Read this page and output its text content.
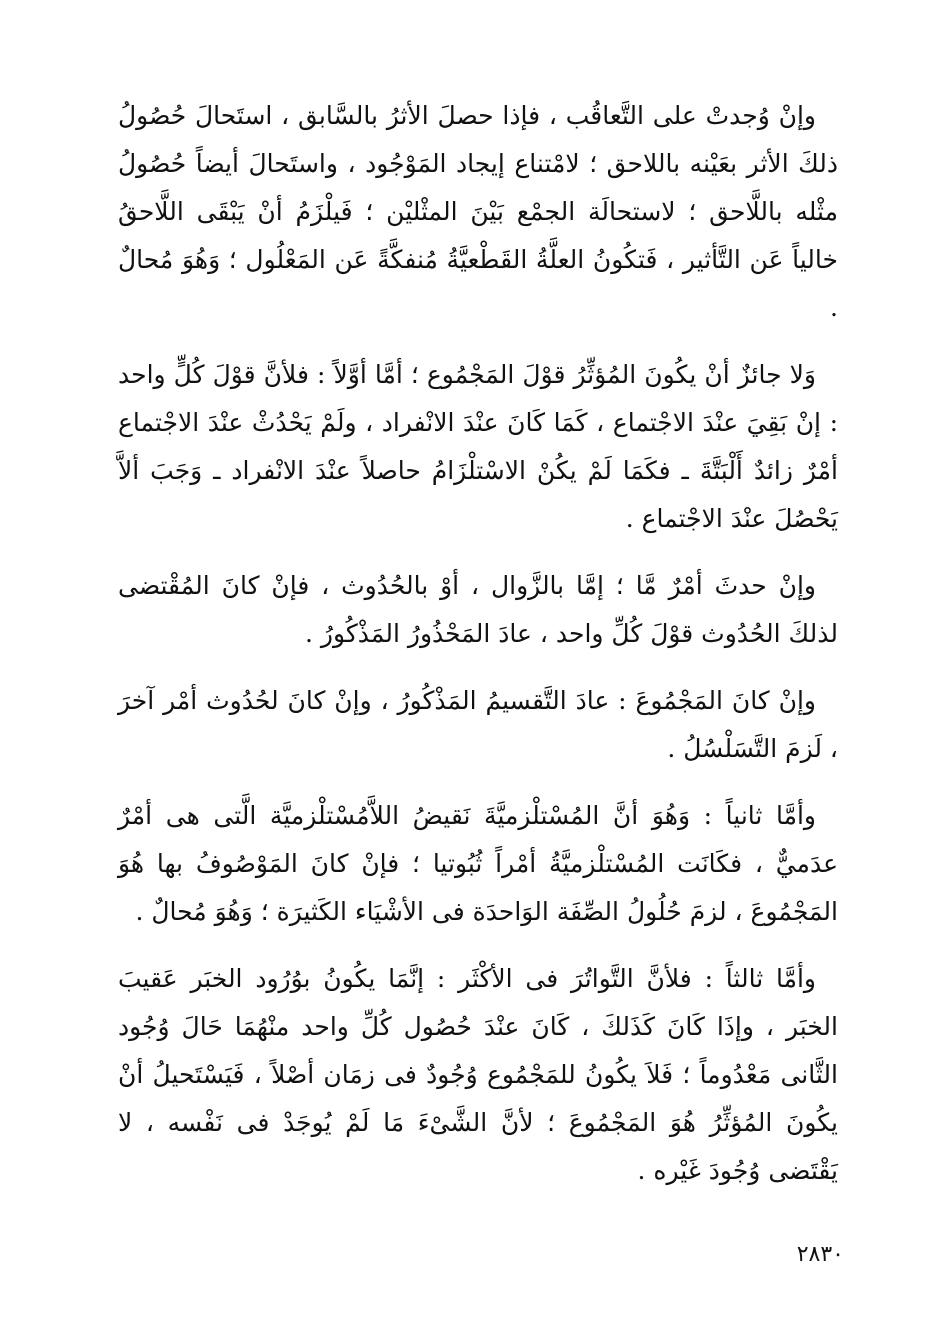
وإنْ وُجدتْ على التَّعاقُب ، فإذا حصلَ الأثرُ بالسَّابق ، استَحالَ حُصُولُ ذلكَ الأثر بعَيْنه باللاحق ؛ لامْتناع إيجاد المَوْجُود ، واستَحالَ أيضاً حُصُولُ مثْله باللَّاحق ؛ لاستحالَة الجمْع بَيْنَ المثْليْن ؛ فَيلْزَمُ أنْ يَبْقَى اللَّاحقُ خالياً عَن التَّأثير ، فَتكُونُ العلَّةُ القَطْعيَّةُ مُنفكَّةً عَن المَعْلُول ؛ وَهُوَ مُحالٌ .

وَلا جائزٌ أنْ يكُونَ المُؤثِّرُ قوْلَ المَجْمُوع ؛ أمَّا أوَّلاً : فلأنَّ قوْلَ كُلٍّ واحد : إنْ بَقِيَ عنْدَ الاجْتماع ، كَمَا كَانَ عنْدَ الانْفراد ، ولَمْ يَحْدُثْ عنْدَ الاجْتماع أمْرٌ زائدٌ أَلْبَتَّةَ ـ فكَمَا لَمْ يكُنْ الاسْتلْزَامُ حاصلاً عنْدَ الانْفراد ـ وَجَبَ ألاَّ يَحْصُلَ عنْدَ الاجْتماع .

وإنْ حدثَ أمْرٌ مَّا ؛ إمَّا بالزَّوال ، أوْ بالحُدُوث ، فإنْ كانَ المُقْتضى لذلكَ الحُدُوث قوْلَ كُلِّ واحد ، عادَ المَحْذُورُ المَذْكُورُ .

وإنْ كانَ المَجْمُوعَ : عادَ التَّقسيمُ المَذْكُورُ ، وإنْ كانَ لحُدُوث أمْر آخرَ ، لَزمَ التَّسَلْسُلُ .

وأمَّا ثانياً : وَهُوَ أنَّ المُسْتلْزميَّةَ نَقيضُ اللاَّمُسْتلْزميَّة الَّتى هى أمْرٌ عدَميٌّ ، فكَانَت المُسْتلْزميَّةُ أمْراً ثُبُوتيا ؛ فإنْ كانَ المَوْصُوفُ بها هُوَ المَجْمُوعَ ، لزمَ حُلُولُ الصِّفَة الوَاحدَة فى الأشْيَاء الكَثيرَة ؛ وَهُوَ مُحالٌ .

وأمَّا ثالثاً : فلأنَّ التَّواتُرَ فى الأكْثَر : إنَّمَا يكُونُ بوُرُود الخبَر عَقيبَ الخبَر ، وإذَا كَانَ كَذَلكَ ، كَانَ عنْدَ حُصُول كُلِّ واحد منْهُمَا حَالَ وُجُود الثَّانى مَعْدُوماً ؛ فَلاَ يكُونُ للمَجْمُوع وُجُودٌ فى زمَان أصْلاً ، فَيَسْتَحيلُ أنْ يكُونَ المُؤثِّرُ هُوَ المَجْمُوعَ ؛ لأنَّ الشَّىْءَ مَا لَمْ يُوجَدْ فى نَفْسه ، لا يَقْتَضى وُجُودَ غَيْره .

٢٨٣٠
